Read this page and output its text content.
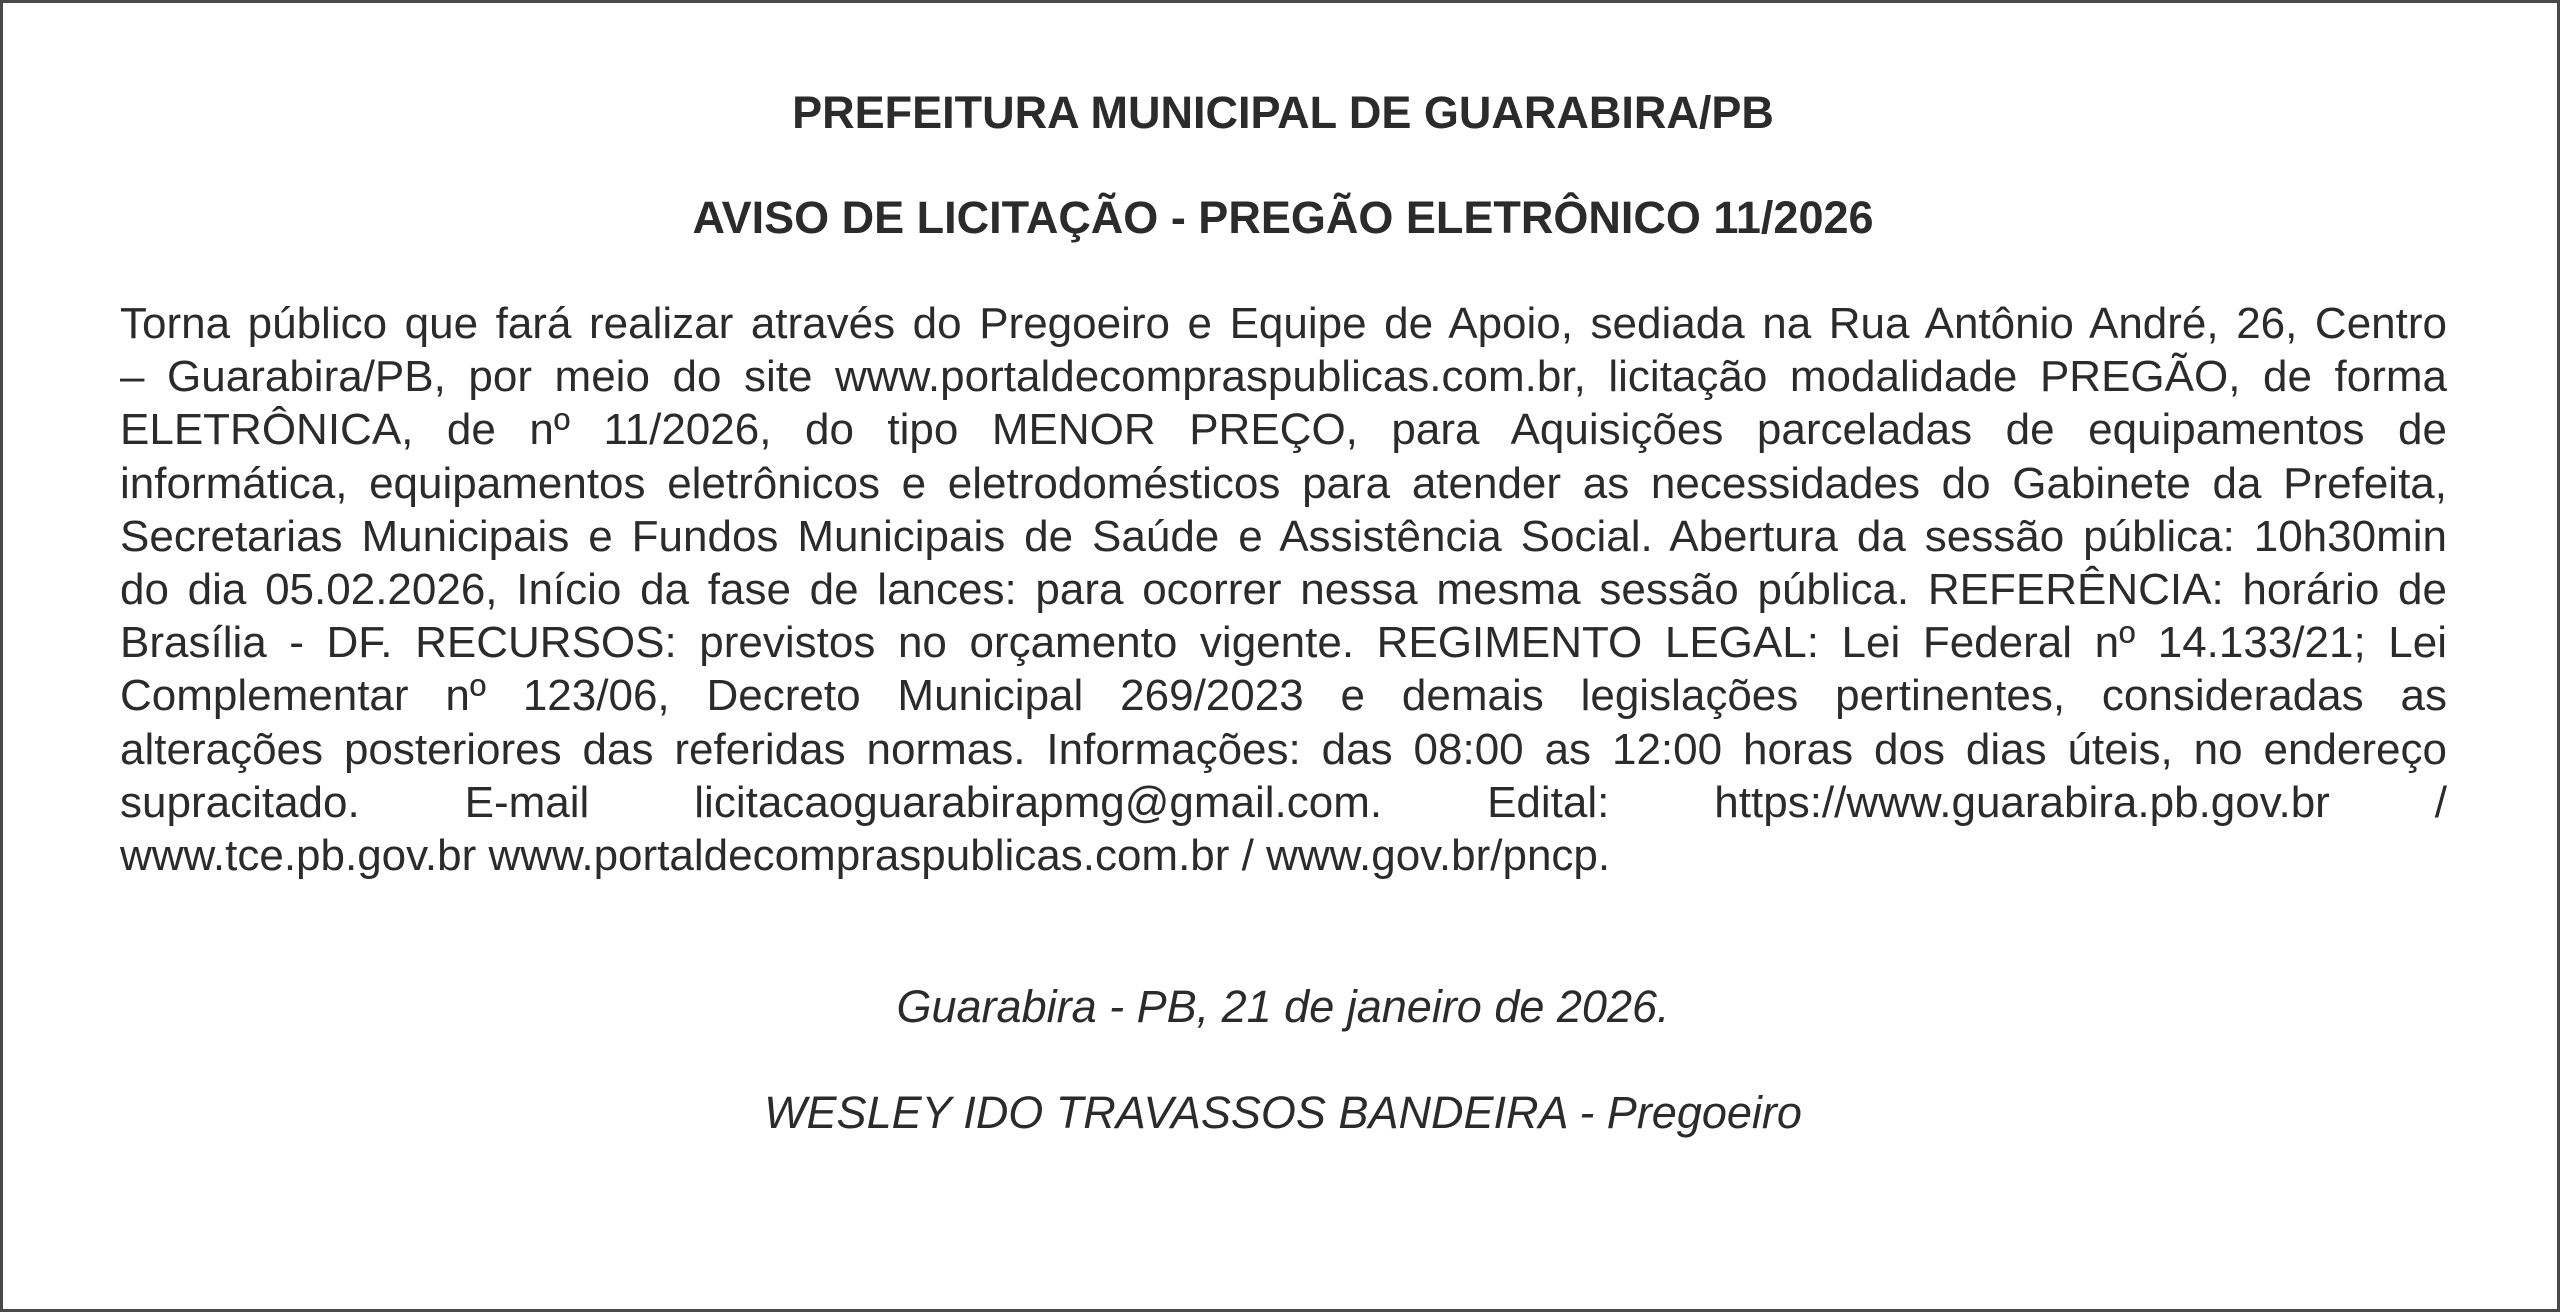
PREFEITURA MUNICIPAL DE GUARABIRA/PB
AVISO DE LICITAÇÃO - PREGÃO ELETRÔNICO 11/2026
Torna público que fará realizar através do Pregoeiro e Equipe de Apoio, sediada na Rua Antônio André, 26, Centro
– Guarabira/PB, por meio do site www.portaldecompraspublicas.com.br, licitação modalidade PREGÃO, de forma
ELETRÔNICA, de nº 11/2026, do tipo MENOR PREÇO, para Aquisições parceladas de equipamentos de
informática, equipamentos eletrônicos e eletrodomésticos para atender as necessidades do Gabinete da Prefeita,
Secretarias Municipais e Fundos Municipais de Saúde e Assistência Social. Abertura da sessão pública: 10h30min
do dia 05.02.2026, Início da fase de lances: para ocorrer nessa mesma sessão pública. REFERÊNCIA: horário de
Brasília - DF. RECURSOS: previstos no orçamento vigente. REGIMENTO LEGAL: Lei Federal nº 14.133/21; Lei
Complementar nº 123/06, Decreto Municipal 269/2023 e demais legislações pertinentes, consideradas as
alterações posteriores das referidas normas. Informações: das 08:00 as 12:00 horas dos dias úteis, no endereço
supracitado. E-mail licitacaoguarabirapmg@gmail.com. Edital: https://www.guarabira.pb.gov.br /
www.tce.pb.gov.br www.portaldecompraspublicas.com.br / www.gov.br/pncp.
Guarabira - PB, 21 de janeiro de 2026.
WESLEY IDO TRAVASSOS BANDEIRA - Pregoeiro
